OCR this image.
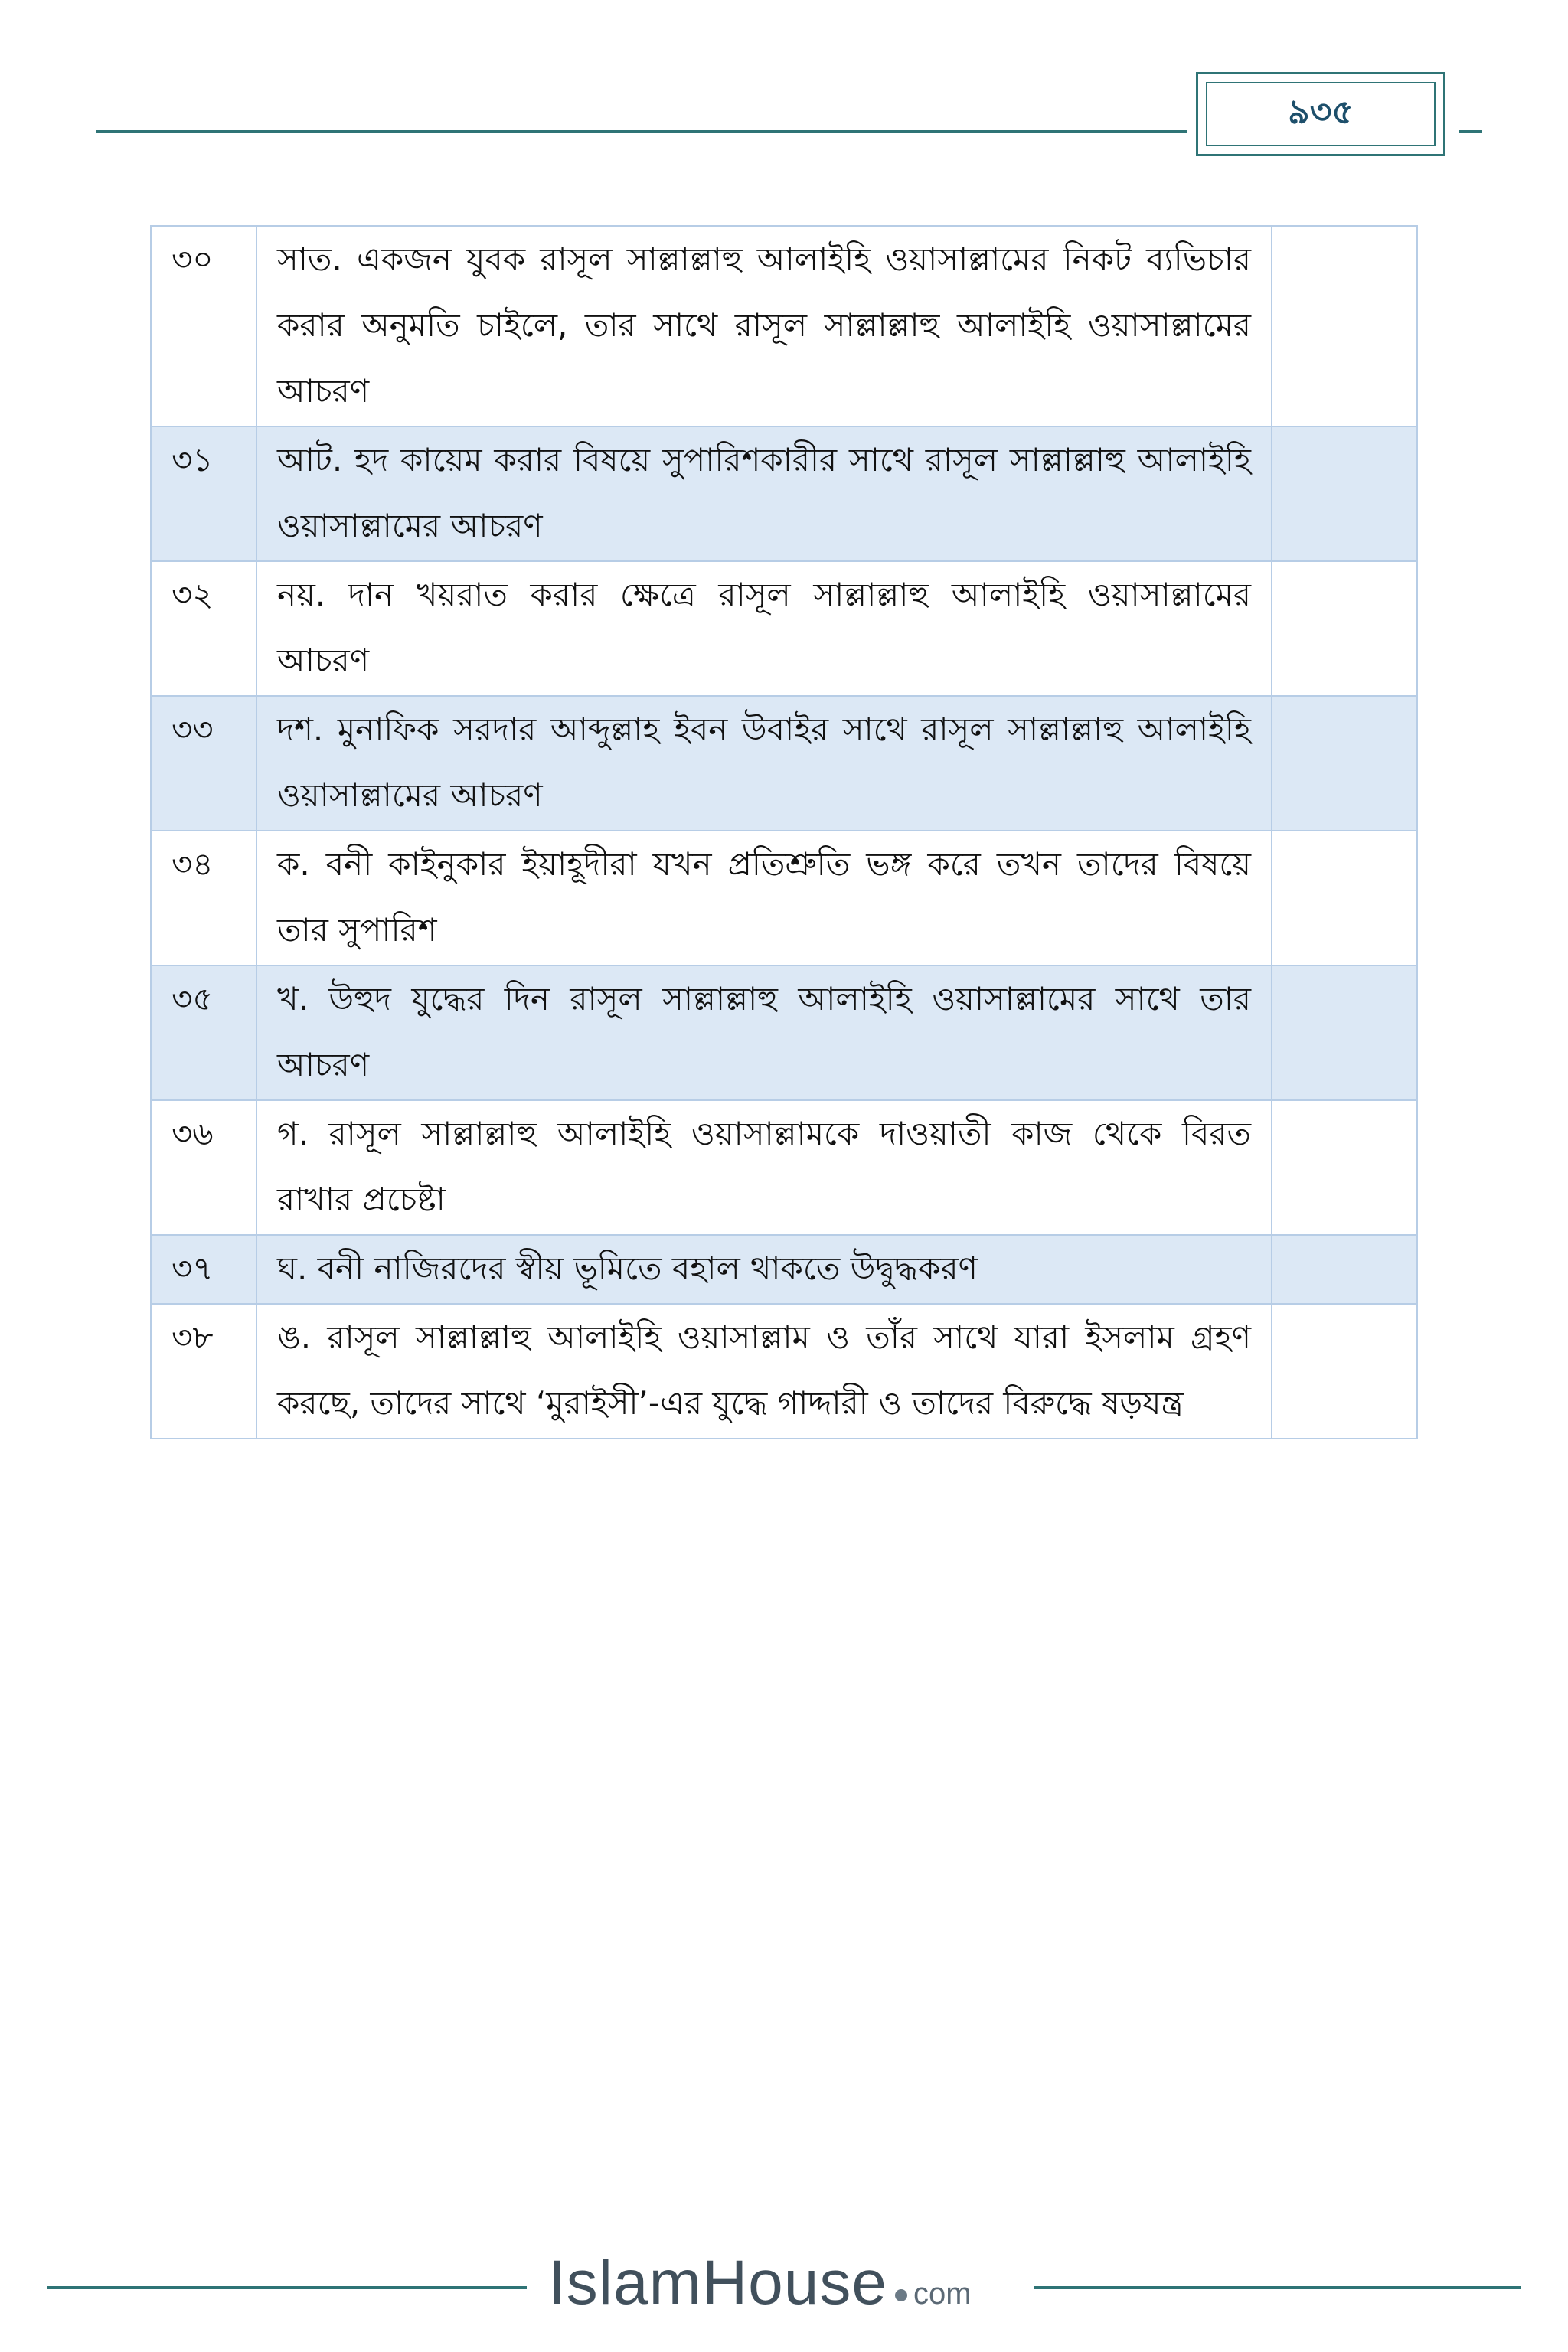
৯৩৫
৩০	সাত. একজন যুবক রাসূল সাল্লাল্লাহু আলাইহি ওয়াসাল্লামের নিকট ব্যভিচার করার অনুমতি চাইলে, তার সাথে রাসূল সাল্লাল্লাহু আলাইহি ওয়াসাল্লামের আচরণ	
৩১	আট. হদ কায়েম করার বিষয়ে সুপারিশকারীর সাথে রাসূল সাল্লাল্লাহু আলাইহি ওয়াসাল্লামের আচরণ	
৩২	নয়. দান খয়রাত করার ক্ষেত্রে রাসূল সাল্লাল্লাহু আলাইহি ওয়াসাল্লামের আচরণ	
৩৩	দশ. মুনাফিক সরদার আব্দুল্লাহ ইবন উবাইর সাথে রাসূল সাল্লাল্লাহু আলাইহি ওয়াসাল্লামের আচরণ	
৩৪	ক. বনী কাইনুকার ইয়াহূদীরা যখন প্রতিশ্রুতি ভঙ্গ করে তখন তাদের বিষয়ে তার সুপারিশ	
৩৫	খ. উহুদ যুদ্ধের দিন রাসূল সাল্লাল্লাহু আলাইহি ওয়াসাল্লামের সাথে তার আচরণ	
৩৬	গ. রাসূল সাল্লাল্লাহু আলাইহি ওয়াসাল্লামকে দাওয়াতী কাজ থেকে বিরত রাখার প্রচেষ্টা	
৩৭	ঘ. বনী নাজিরদের স্বীয় ভূমিতে বহাল থাকতে উদ্বুদ্ধকরণ	
৩৮	ঙ. রাসূল সাল্লাল্লাহু আলাইহি ওয়াসাল্লাম ও তাঁর সাথে যারা ইসলাম গ্রহণ করছে, তাদের সাথে ‘মুরাইসী’-এর যুদ্ধে গাদ্দারী ও তাদের বিরুদ্ধে ষড়যন্ত্র	
IslamHouse com
